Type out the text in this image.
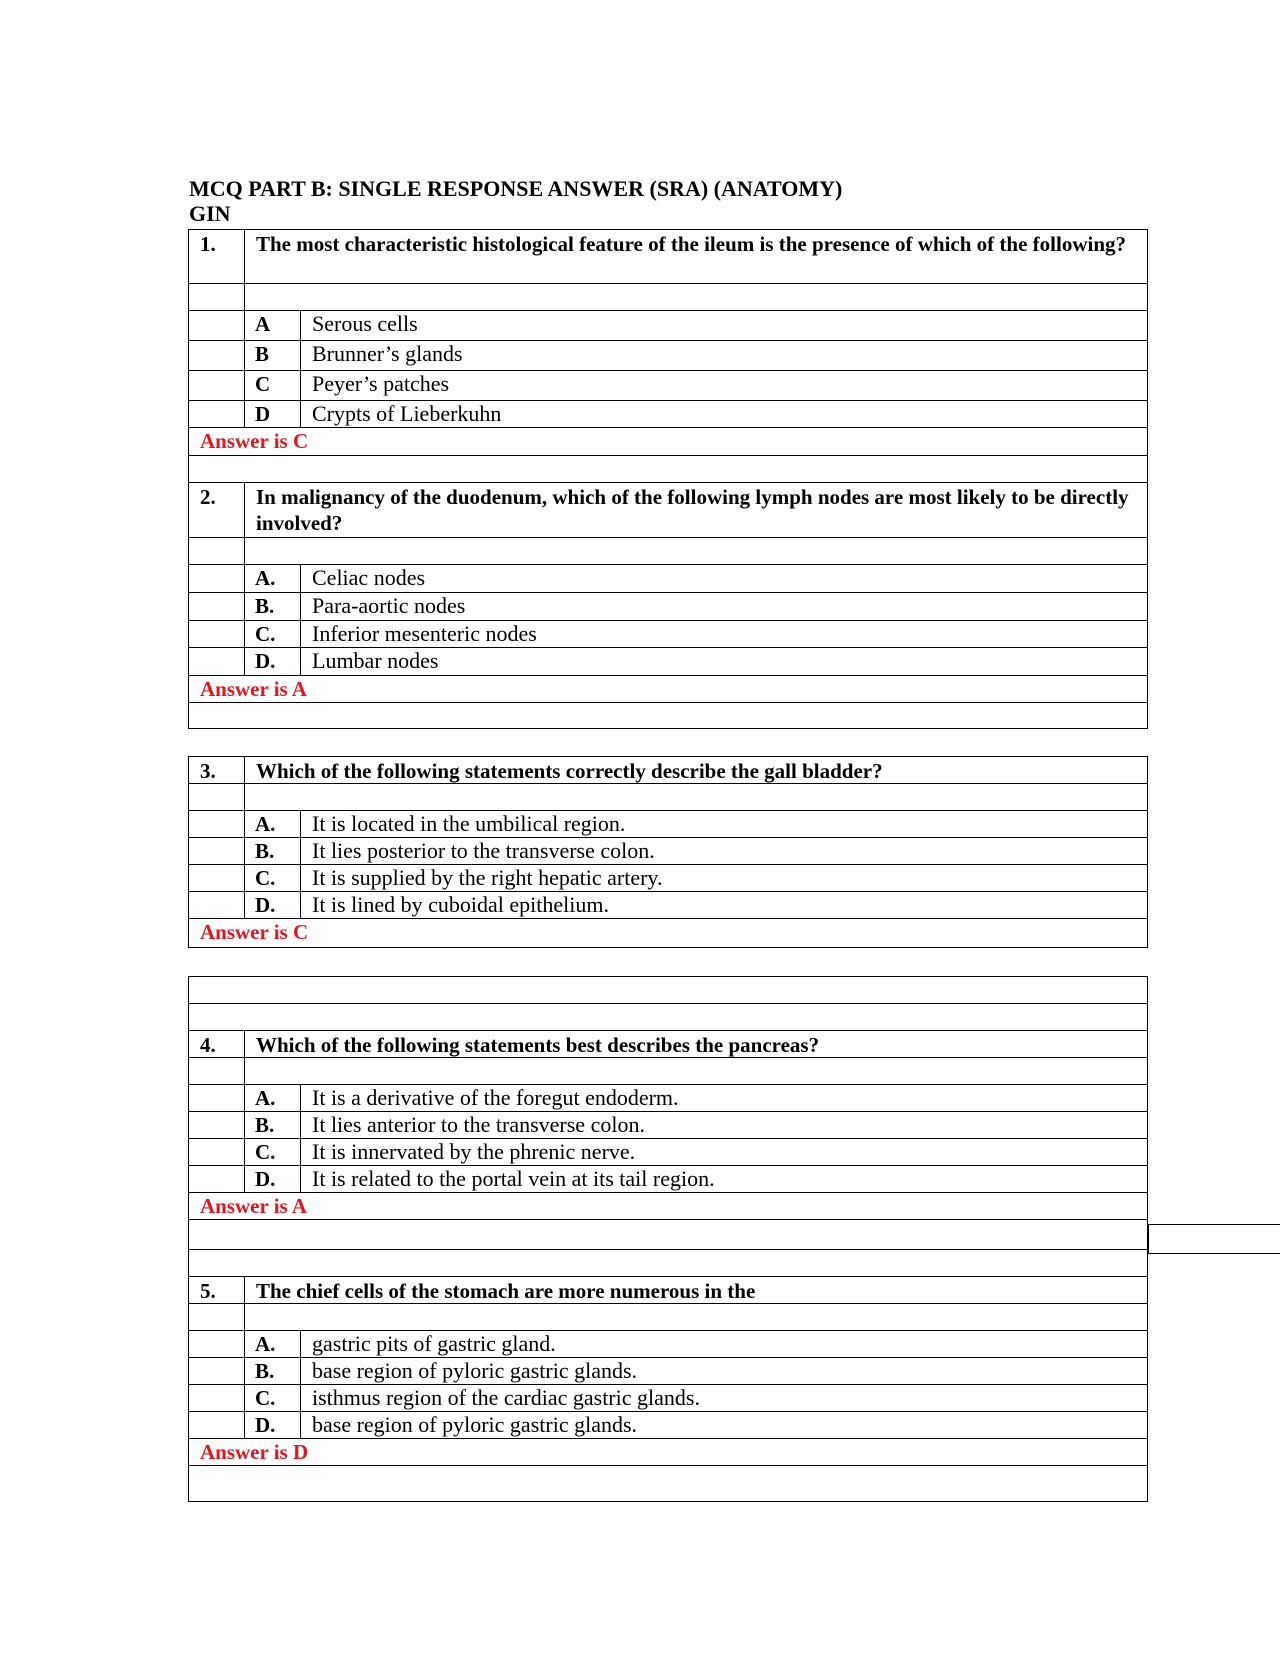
MCQ PART B: SINGLE RESPONSE ANSWER (SRA) (ANATOMY)
GIN
1.	The most characteristic histological feature of the ileum is the presence of which of the following?
A	Serous cells
B	Brunner’s glands
C	Peyer’s patches
D	Crypts of Lieberkuhn
Answer is C
2.	In malignancy of the duodenum, which of the following lymph nodes are most likely to be directly involved?
A.	Celiac nodes
B.	Para-aortic nodes
C.	Inferior mesenteric nodes
D.	Lumbar nodes
Answer is A
3.	Which of the following statements correctly describe the gall bladder?
A.	It is located in the umbilical region.
B.	It lies posterior to the transverse colon.
C.	It is supplied by the right hepatic artery.
D.	It is lined by cuboidal epithelium.
Answer is C
4.	Which of the following statements best describes the pancreas?
A.	It is a derivative of the foregut endoderm.
B.	It lies anterior to the transverse colon.
C.	It is innervated by the phrenic nerve.
D.	It is related to the portal vein at its tail region.
Answer is A
5.	The chief cells of the stomach are more numerous in the
A.	gastric pits of gastric gland.
B.	base region of pyloric gastric glands.
C.	isthmus region of the cardiac gastric glands.
D.	base region of pyloric gastric glands.
Answer is D
